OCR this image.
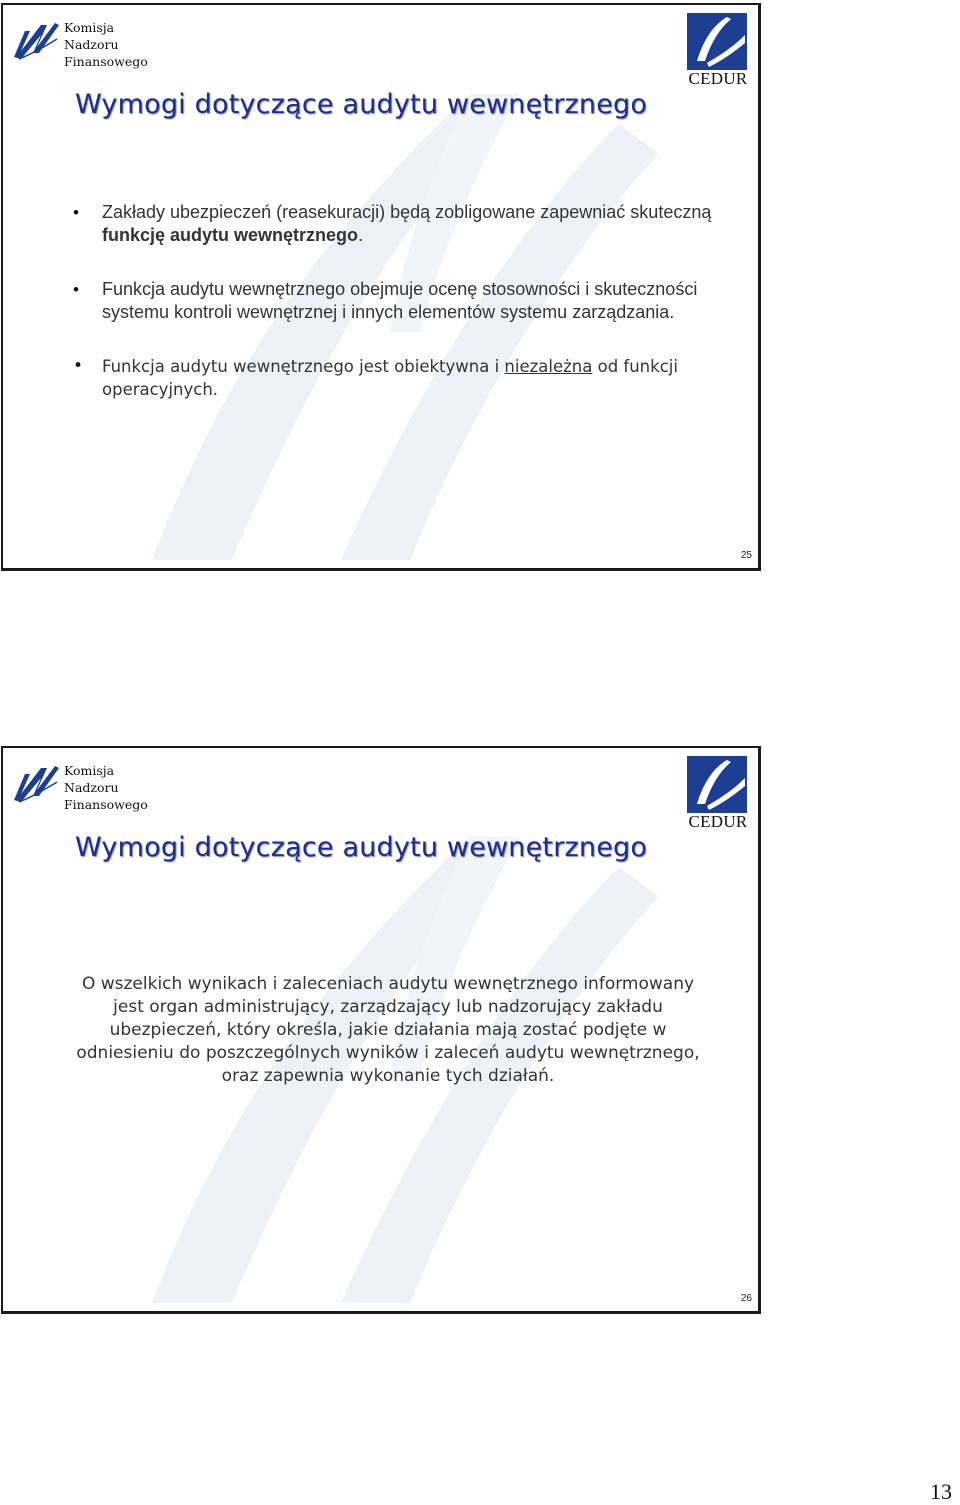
Komisja
Nadzoru
Finansowego
CEDUR
Wymogi dotyczące audytu wewnętrznego
• Zakłady ubezpieczeń (reasekuracji) będą zobligowane zapewniać skuteczną funkcję audytu wewnętrznego.
• Funkcja audytu wewnętrznego obejmuje ocenę stosowności i skuteczności systemu kontroli wewnętrznej i innych elementów systemu zarządzania.
• Funkcja audytu wewnętrznego jest obiektywna i niezależna od funkcji operacyjnych.
25
Komisja
Nadzoru
Finansowego
CEDUR
Wymogi dotyczące audytu wewnętrznego

O wszelkich wynikach i zaleceniach audytu wewnętrznego informowany jest organ administrujący, zarządzający lub nadzorujący zakładu ubezpieczeń, który określa, jakie działania mają zostać podjęte w odniesieniu do poszczególnych wyników i zaleceń audytu wewnętrznego, oraz zapewnia wykonanie tych działań.

26
13
